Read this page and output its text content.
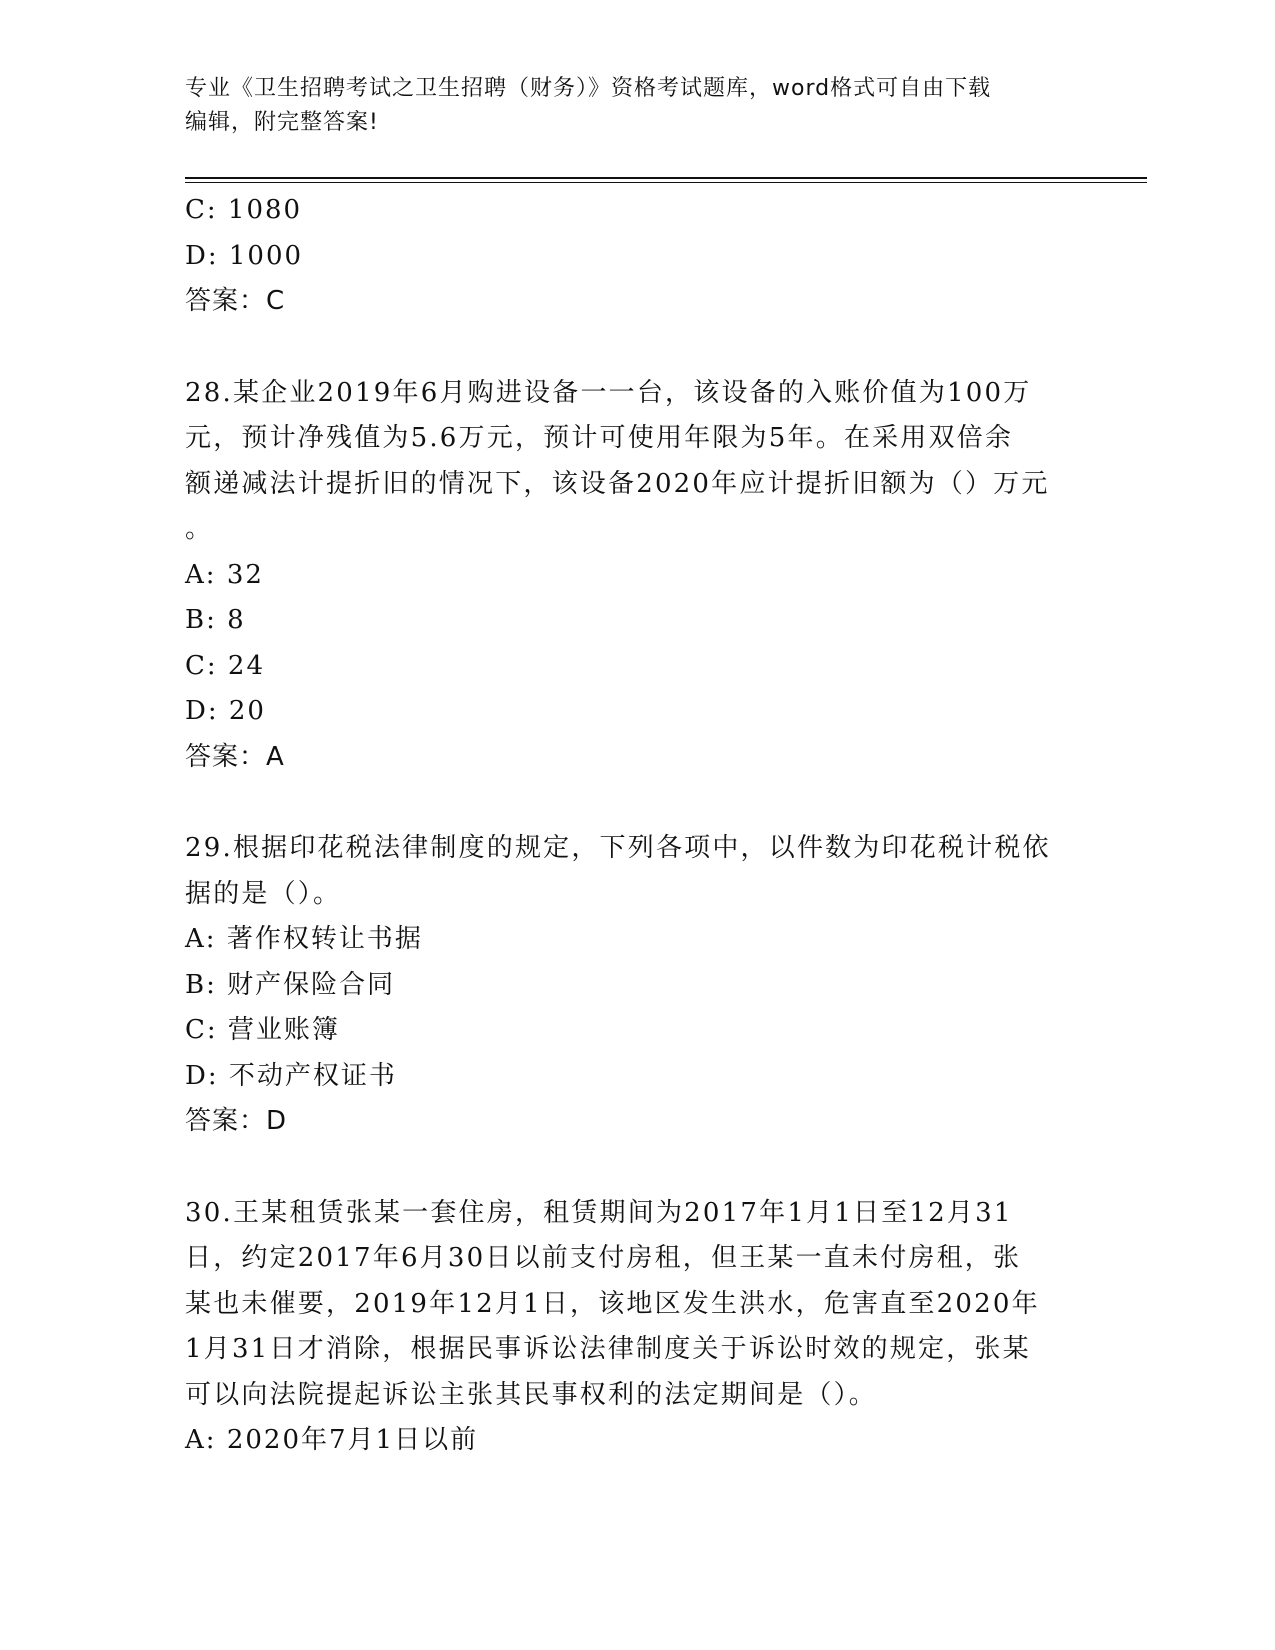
专业《卫生招聘考试之卫生招聘（财务）》资格考试题库，word格式可自由下载
编辑，附完整答案!
C: 1080
D: 1000
答案：C
28.某企业2019年6月购进设备一一台，该设备的入账价值为100万
元，预计净残值为5.6万元，预计可使用年限为5年。在采用双倍余
额递减法计提折旧的情况下，该设备2020年应计提折旧额为（）万元
。
A: 32
B: 8
C: 24
D: 20
答案：A
29.根据印花税法律制度的规定，下列各项中，以件数为印花税计税依
据的是（）。
A: 著作权转让书据
B: 财产保险合同
C: 营业账簿
D: 不动产权证书
答案：D
30.王某租赁张某一套住房，租赁期间为2017年1月1日至12月31
日，约定2017年6月30日以前支付房租，但王某一直未付房租，张
某也未催要，2019年12月1日，该地区发生洪水，危害直至2020年
1月31日才消除，根据民事诉讼法律制度关于诉讼时效的规定，张某
可以向法院提起诉讼主张其民事权利的法定期间是（）。
A: 2020年7月1日以前
